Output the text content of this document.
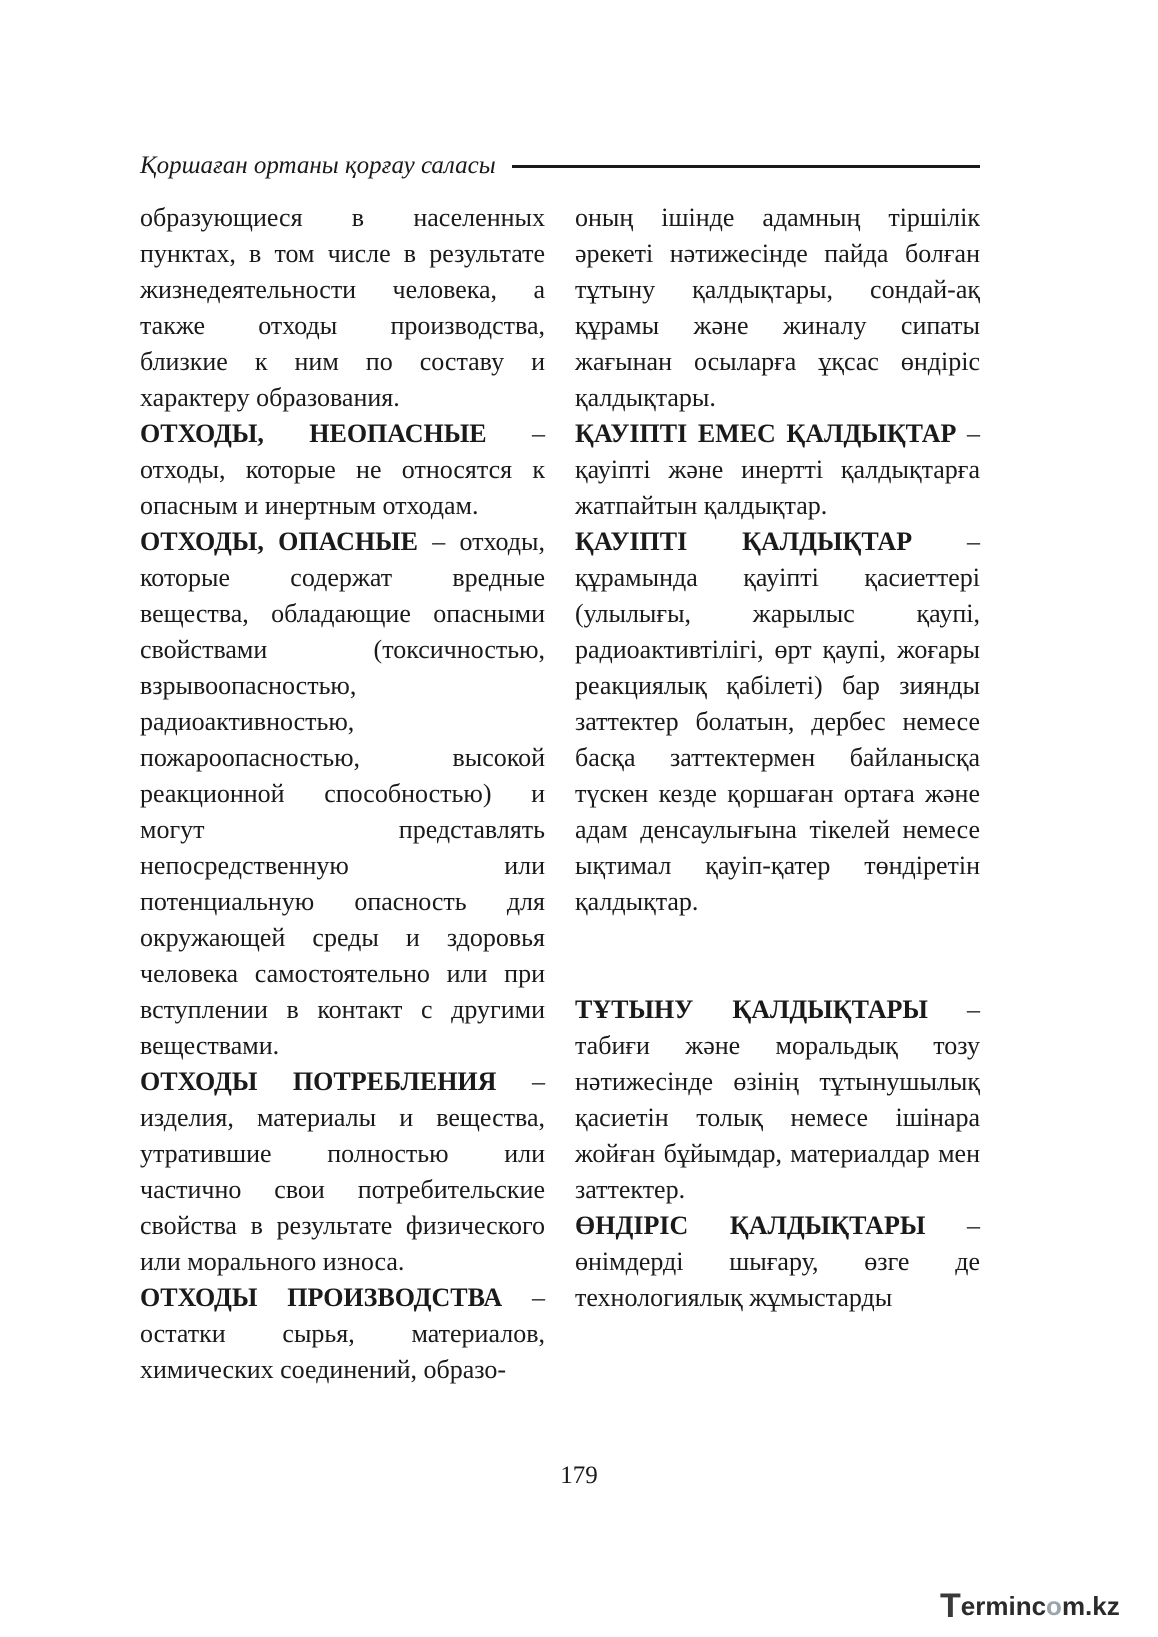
Қоршаған ортаны қорғау саласы

образующиеся в населенных пунктах, в том числе в результате жизнедеятельности человека, а также отходы производства, близкие к ним по составу и характеру образования.

ОТХОДЫ, НЕОПАСНЫЕ – отходы, которые не относятся к опасным и инертным отходам.

ОТХОДЫ, ОПАСНЫЕ – отходы, которые содержат вредные вещества, обладающие опасными свойствами (токсичностью, взрывоопасностью, радиоактивностью, пожароопасностью, высокой реакционной способностью) и могут представлять непосредственную или потенциальную опасность для окружающей среды и здоровья человека самостоятельно или при вступлении в контакт с другими веществами.

ОТХОДЫ ПОТРЕБЛЕНИЯ – изделия, материалы и вещества, утратившие полностью или частично свои потребительские свойства в результате физического или морального износа.

ОТХОДЫ ПРОИЗВОДСТВА – остатки сырья, материалов, химических соединений, образо-

оның ішінде адамның тіршілік әрекеті нәтижесінде пайда болған тұтыну қалдықтары, сондай-ақ құрамы және жиналу сипаты жағынан осыларға ұқсас өндіріс қалдықтары.

ҚАУІПТІ ЕМЕС ҚАЛДЫҚТАР – қауіпті және инертті қалдықтарға жатпайтын қалдықтар.

ҚАУІПТІ ҚАЛДЫҚТАР – құрамында қауіпті қасиеттері (улылығы, жарылыс қаупі, радиоактивтілігі, өрт қаупі, жоғары реакциялық қабілеті) бар зиянды заттектер болатын, дербес немесе басқа заттектермен байланысқа түскен кезде қоршаған ортаға және адам денсаулығына тікелей немесе ықтимал қауіп-қатер төндіретін қалдықтар.

ТҰТЫНУ ҚАЛДЫҚТАРЫ – табиғи және моральдық тозу нәтижесінде өзінің тұтынушылық қасиетін толық немесе ішінара жойған бұйымдар, материалдар мен заттектер.

ӨНДІРІС ҚАЛДЫҚТАРЫ – өнімдерді шығару, өзге де технологиялық жұмыстарды

179
T erminc o m.kz
